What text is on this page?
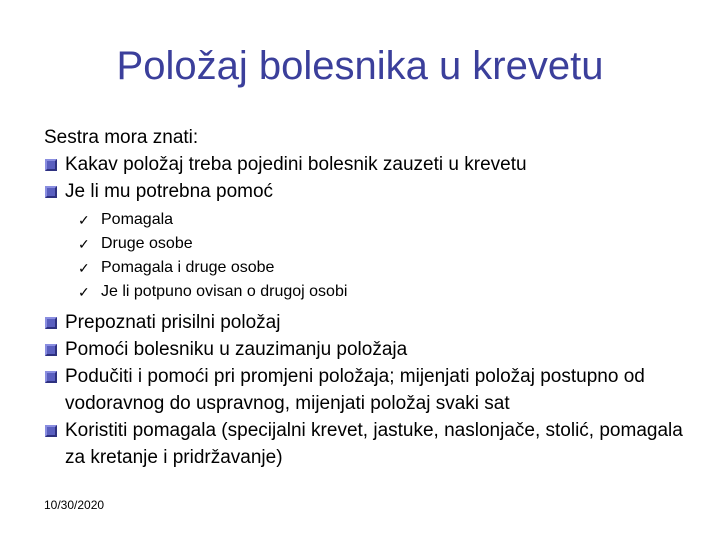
Položaj bolesnika u krevetu

Sestra mora znati:

Kakav položaj treba pojedini bolesnik zauzeti u krevetu
Je li mu potrebna pomoć
✓ Pomagala
✓ Druge osobe
✓ Pomagala i druge osobe
✓ Je li potpuno ovisan o drugoj osobi
Prepoznati prisilni položaj
Pomoći bolesniku u zauzimanju položaja
Podučiti i pomoći pri promjeni položaja; mijenjati položaj postupno od vodoravnog do uspravnog, mijenjati položaj svaki sat
Koristiti pomagala (specijalni krevet, jastuke, naslonjače, stolić, pomagala za kretanje i pridržavanje)
10/30/2020
